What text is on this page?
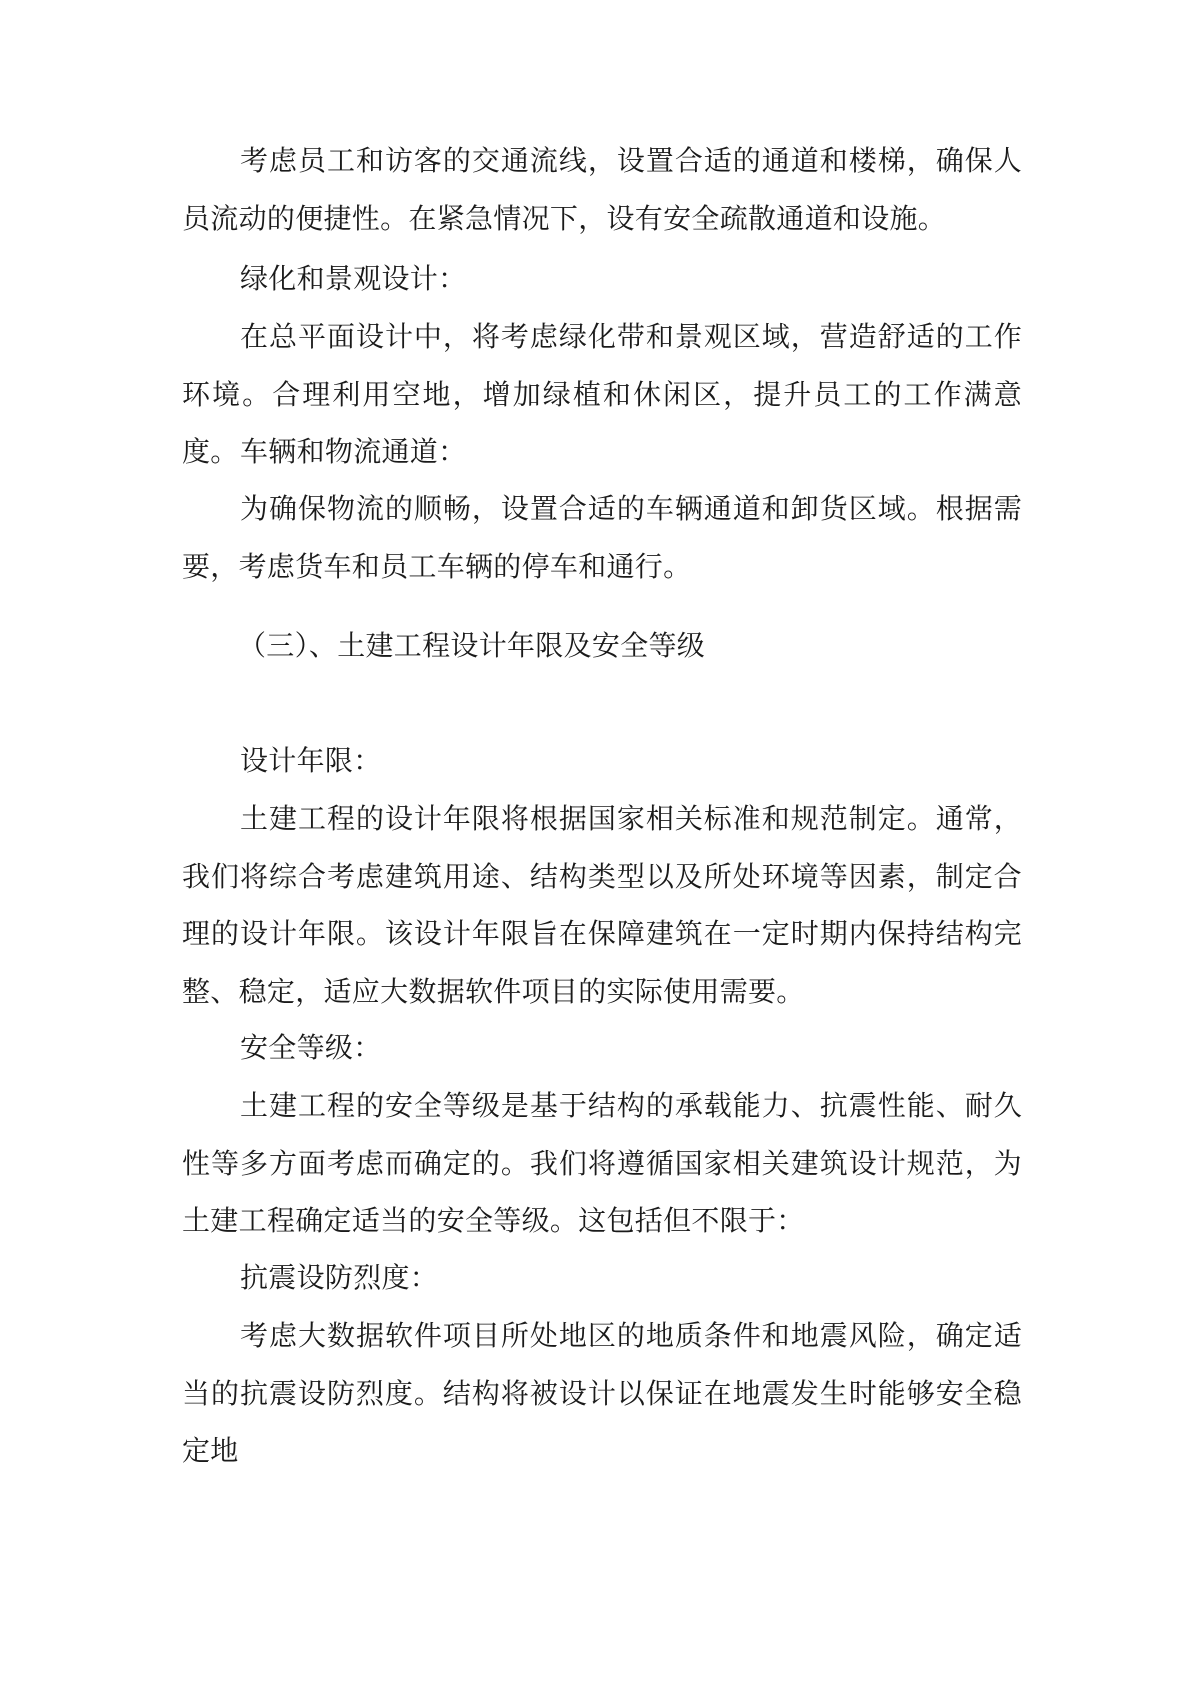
考虑员工和访客的交通流线，设置合适的通道和楼梯，确保人员流动的便捷性。在紧急情况下，设有安全疏散通道和设施。

绿化和景观设计：

在总平面设计中，将考虑绿化带和景观区域，营造舒适的工作环境。合理利用空地，增加绿植和休闲区，提升员工的工作满意度。 车辆和物流通道：

为确保物流的顺畅，设置合适的车辆通道和卸货区域。根据需要，考虑货车和员工车辆的停车和通行。

（三）、土建工程设计年限及安全等级

设计年限：

土建工程的设计年限将根据国家相关标准和规范制定。通常，我们将综合考虑建筑用途、结构类型以及所处环境等因素，制定合理的设计年限。该设计年限旨在保障建筑在一定时期内保持结构完整、稳定，适应大数据软件项目的实际使用需要。

安全等级：

土建工程的安全等级是基于结构的承载能力、抗震性能、耐久性等多方面考虑而确定的。我们将遵循国家相关建筑设计规范，为土建工程确定适当的安全等级。这包括但不限于：

抗震设防烈度：

考虑大数据软件项目所处地区的地质条件和地震风险，确定适当的抗震设防烈度。结构将被设计以保证在地震发生时能够安全稳定地
